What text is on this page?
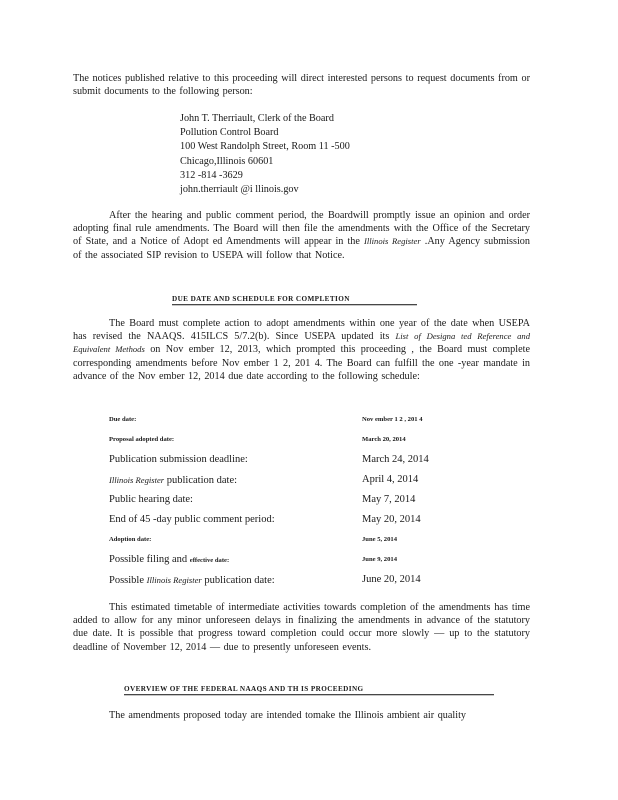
The notices published relative to this proceeding will direct interested persons to request documents from or submit documents to the following person:
John T. Therriault, Clerk of the Board
Pollution Control Board
100 West Randolph Street, Room 11 -500
Chicago,Illinois 60601
312 -814 -3629
john.therriault @i llinois.gov
After the hearing and public comment period, the Boardwill promptly issue an opinion and order adopting final rule amendments. The Board will then file the amendments with the Office of the Secretary of State, and a Notice of Adopt ed Amendments will appear in the Illinois Register .Any Agency submission of the associated SIP revision to USEPA will follow that Notice.
DUE DATE AND SCHEDULE FOR COMPLETION
The Board must complete action to adopt amendments within one year of the date when USEPA has revised the NAAQS. 415ILCS 5/7.2(b). Since USEPA updated its List of Designa ted Reference and Equivalent Methods on Nov ember 12, 2013, which prompted this proceeding , the Board must complete corresponding amendments before Nov ember 1 2, 201 4. The Board can fulfill the one -year mandate in advance of the Nov ember 12, 2014 due date according to the following schedule:
Due date:	Nov ember 1 2 , 201 4
Proposal adopted date:	March 20, 2014
Publication submission deadline:	March 24, 2014
Illinois Register publication date:	April 4, 2014
Public hearing date:	May 7, 2014
End of 45 -day public comment period:	May 20, 2014
Adoption date:	June 5, 2014
Possible filing and effective date:	June 9, 2014
Possible Illinois Register publication date:	June 20, 2014
This estimated timetable of intermediate activities towards completion of the amendments has time added to allow for any minor unforeseen delays in finalizing the amendments in advance of the statutory due date. It is possible that progress toward completion could occur more slowly — up to the statutory deadline of November 12, 2014 — due to presently unforeseen events.
OVERVIEW OF THE FEDERAL NAAQS AND TH IS PROCEEDING
The amendments proposed today are intended tomake the Illinois ambient air quality
